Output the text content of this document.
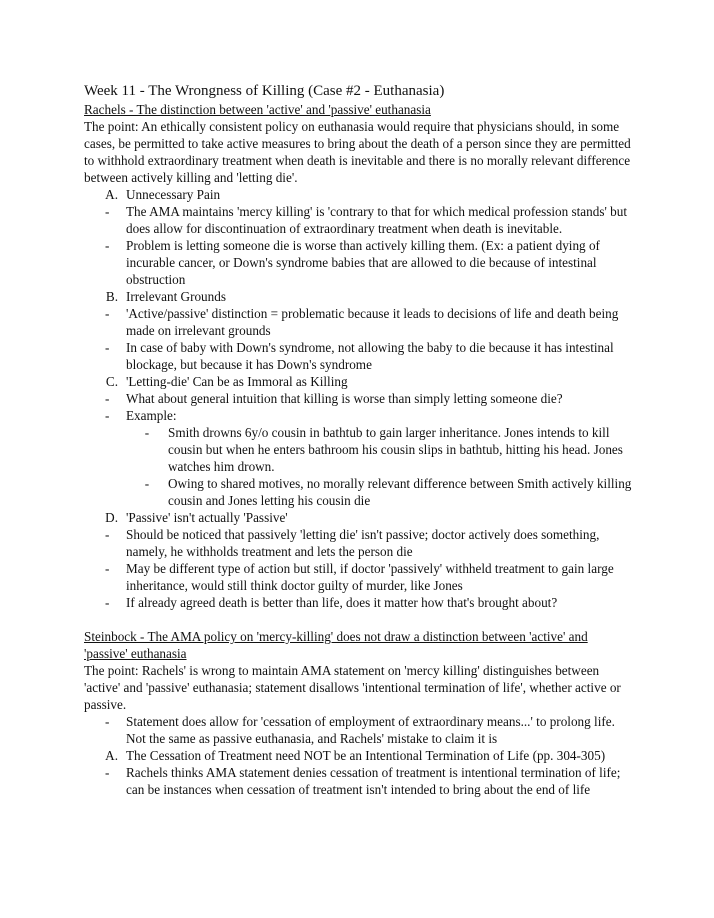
Week 11 - The Wrongness of Killing (Case #2 - Euthanasia)
Rachels - The distinction between 'active' and 'passive' euthanasia
The point: An ethically consistent policy on euthanasia would require that physicians should, in some cases, be permitted to take active measures to bring about the death of a person since they are permitted to withhold extraordinary treatment when death is inevitable and there is no morally relevant difference between actively killing and 'letting die'.
A. Unnecessary Pain
- The AMA maintains 'mercy killing' is 'contrary to that for which medical profession stands' but does allow for discontinuation of extraordinary treatment when death is inevitable.
- Problem is letting someone die is worse than actively killing them. (Ex: a patient dying of incurable cancer, or Down's syndrome babies that are allowed to die because of intestinal obstruction
B. Irrelevant Grounds
- 'Active/passive' distinction = problematic because it leads to decisions of life and death being made on irrelevant grounds
- In case of baby with Down's syndrome, not allowing the baby to die because it has intestinal blockage, but because it has Down's syndrome
C. 'Letting-die' Can be as Immoral as Killing
- What about general intuition that killing is worse than simply letting someone die?
- Example:
- Smith drowns 6y/o cousin in bathtub to gain larger inheritance. Jones intends to kill cousin but when he enters bathroom his cousin slips in bathtub, hitting his head. Jones watches him drown.
- Owing to shared motives, no morally relevant difference between Smith actively killing cousin and Jones letting his cousin die
D. 'Passive' isn't actually 'Passive'
- Should be noticed that passively 'letting die' isn't passive; doctor actively does something, namely, he withholds treatment and lets the person die
- May be different type of action but still, if doctor 'passively' withheld treatment to gain large inheritance, would still think doctor guilty of murder, like Jones
- If already agreed death is better than life, does it matter how that's brought about?
Steinbock - The AMA policy on 'mercy-killing' does not draw a distinction between 'active' and 'passive' euthanasia
The point: Rachels' is wrong to maintain AMA statement on 'mercy killing' distinguishes between 'active' and 'passive' euthanasia; statement disallows 'intentional termination of life', whether active or passive.
- Statement does allow for 'cessation of employment of extraordinary means...' to prolong life. Not the same as passive euthanasia, and Rachels' mistake to claim it is
A. The Cessation of Treatment need NOT be an Intentional Termination of Life (pp. 304-305)
- Rachels thinks AMA statement denies cessation of treatment is intentional termination of life; can be instances when cessation of treatment isn't intended to bring about the end of life
